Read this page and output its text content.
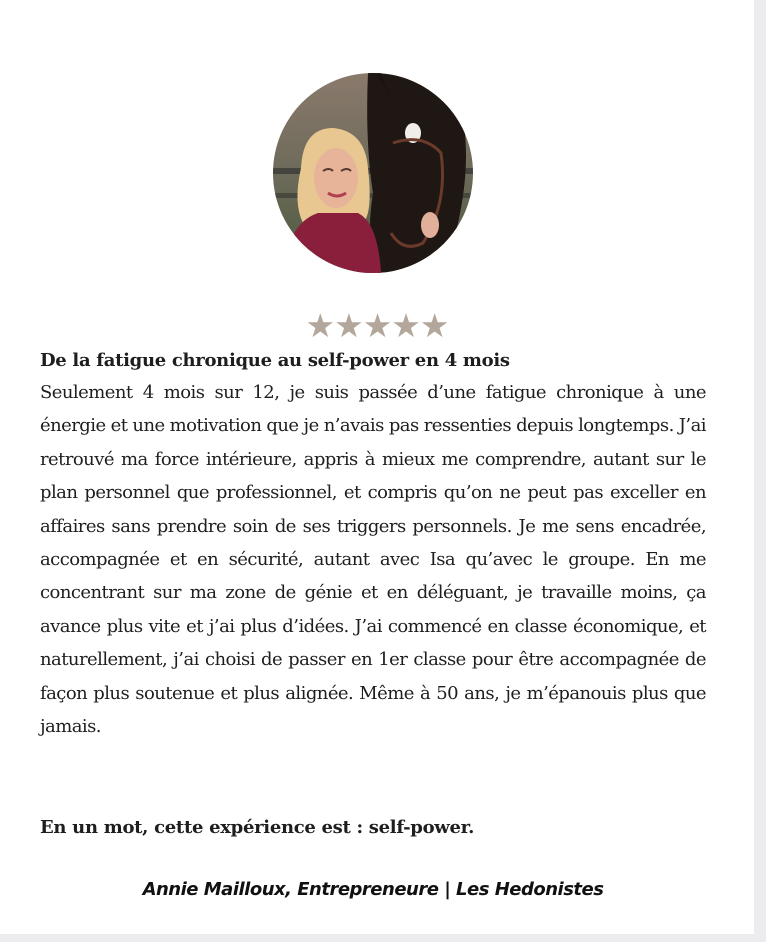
★★★★★
De la fatigue chronique au self-power en 4 mois

Seulement 4 mois sur 12, je suis passée d’une fatigue chronique à une énergie et une motivation que je n’avais pas ressenties depuis longtemps. J’ai retrouvé ma force intérieure, appris à mieux me comprendre, autant sur le plan personnel que professionnel, et compris qu’on ne peut pas exceller en affaires sans prendre soin de ses triggers personnels. Je me sens encadrée, accompagnée et en sécurité, autant avec Isa qu’avec le groupe. En me concentrant sur ma zone de génie et en déléguant, je travaille moins, ça avance plus vite et j’ai plus d’idées. J’ai commencé en classe économique, et naturellement, j’ai choisi de passer en 1er classe pour être accompagnée de façon plus soutenue et plus alignée. Même à 50 ans, je m’épanouis plus que jamais.

En un mot, cette expérience est : self-power.

Annie Mailloux, Entrepreneure | Les Hedonistes
